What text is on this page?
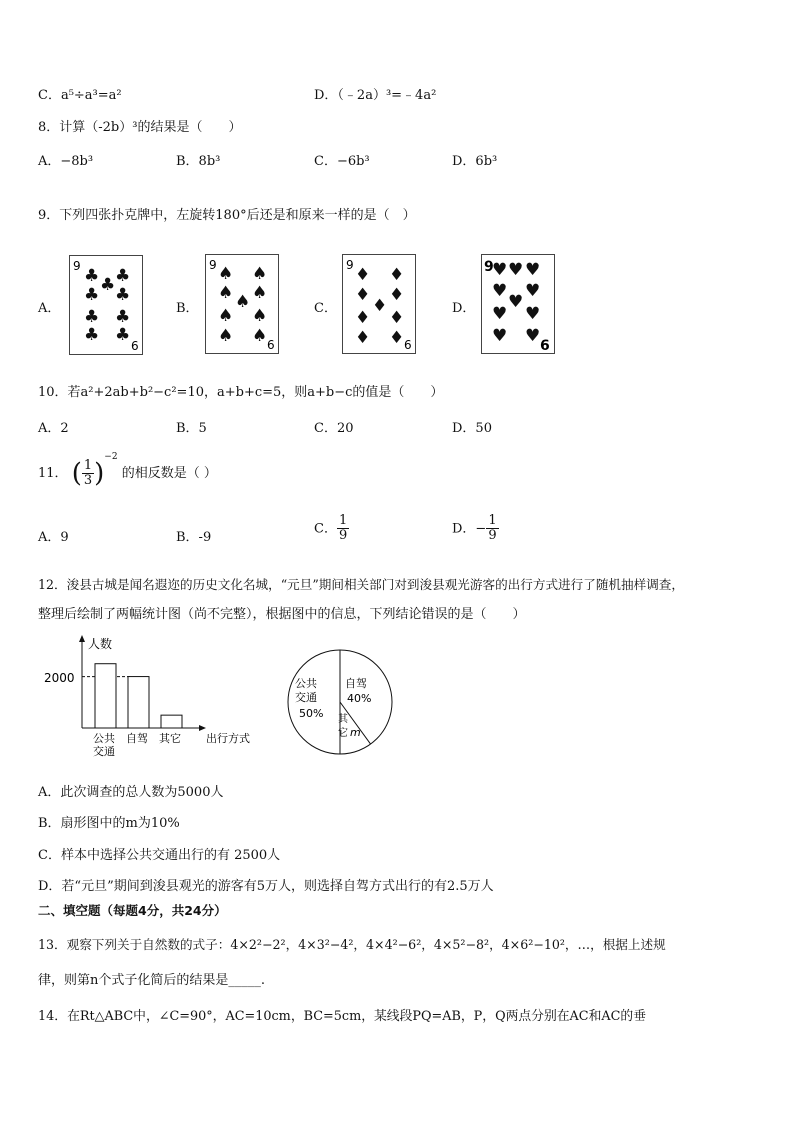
C．a⁵÷a³=a²	D．（﹣2a）³=﹣4a²
8．计算（-2b）³的结果是（　　）
A．−8b³	B．8b³	C．−6b³	D．6b³
9．下列四张扑克牌中，左旋转180°后还是和原来一样的是（　）
A．
9
6
♣ ♣
♣ ♣
♣
♣ ♣
♣ ♣
B．
9
6
♠ ♠
♠ ♠
♠
♠ ♠
♠ ♠
C．
9
6
♦ ♦
♦ ♦
♦
♦ ♦
♦ ♦
D．
9
6
♥ ♥ ♥
♥
♥
♥
♥ ♥
♥ ♥
10．若a²+2ab+b²−c²=10，a+b+c=5，则a+b−c的值是（　　）
A．2	B．5	C．20	D．50
11． ( $\frac{1}{3} )^{-2}$ 的相反数是（ ）
A．9	B．-9
C． $\frac{1}{9}$	D．− $\frac{1}{9}$
12．浚县古城是闻名遐迩的历史文化名城，“元旦”期间相关部门对到浚县观光游客的出行方式进行了随机抽样调查，
整理后绘制了两幅统计图（尚不完整），根据图中的信息，下列结论错误的是（　　）
人数
出行方式
2000
公共
交通
自驾 其它
公共
交通
50%
自驾
40%
其
它 m
A．此次调查的总人数为5000人
B．扇形图中的m为10%
C．样本中选择公共交通出行的有 2500人
D．若“元旦”期间到浚县观光的游客有5万人，则选择自驾方式出行的有2.5万人
二、填空题（每题4分，共24分）
13．观察下列关于自然数的式子：4×2²−2²，4×3²−4²，4×4²−6²，4×5²−8²，4×6²−10²，…，根据上述规
律，则第n个式子化简后的结果是_____.
14．在Rt△ABC中，∠C=90°，AC=10cm，BC=5cm，某线段PQ=AB，P，Q两点分别在AC和AC的垂
